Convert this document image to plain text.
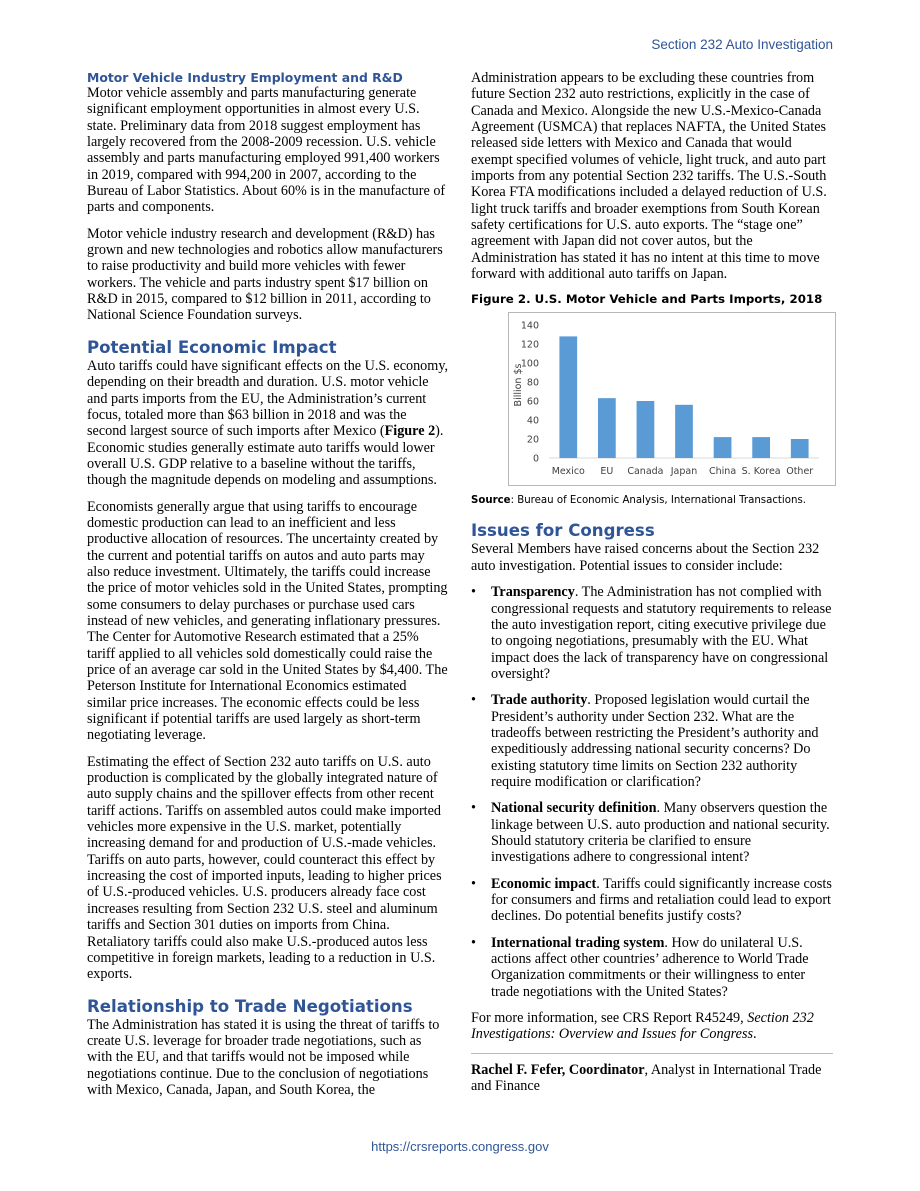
Section 232 Auto Investigation
Motor Vehicle Industry Employment and R&D

Motor vehicle assembly and parts manufacturing generate significant employment opportunities in almost every U.S. state. Preliminary data from 2018 suggest employment has largely recovered from the 2008-2009 recession. U.S. vehicle assembly and parts manufacturing employed 991,400 workers in 2019, compared with 994,200 in 2007, according to the Bureau of Labor Statistics. About 60% is in the manufacture of parts and components.

Motor vehicle industry research and development (R&D) has grown and new technologies and robotics allow manufacturers to raise productivity and build more vehicles with fewer workers. The vehicle and parts industry spent $17 billion on R&D in 2015, compared to $12 billion in 2011, according to National Science Foundation surveys.

Potential Economic Impact

Auto tariffs could have significant effects on the U.S. economy, depending on their breadth and duration. U.S. motor vehicle and parts imports from the EU, the Administration’s current focus, totaled more than $63 billion in 2018 and was the second largest source of such imports after Mexico (Figure 2). Economic studies generally estimate auto tariffs would lower overall U.S. GDP relative to a baseline without the tariffs, though the magnitude depends on modeling and assumptions.

Economists generally argue that using tariffs to encourage domestic production can lead to an inefficient and less productive allocation of resources. The uncertainty created by the current and potential tariffs on autos and auto parts may also reduce investment. Ultimately, the tariffs could increase the price of motor vehicles sold in the United States, prompting some consumers to delay purchases or purchase used cars instead of new vehicles, and generating inflationary pressures. The Center for Automotive Research estimated that a 25% tariff applied to all vehicles sold domestically could raise the price of an average car sold in the United States by $4,400. The Peterson Institute for International Economics estimated similar price increases. The economic effects could be less significant if potential tariffs are used largely as short-term negotiating leverage.

Estimating the effect of Section 232 auto tariffs on U.S. auto production is complicated by the globally integrated nature of auto supply chains and the spillover effects from other recent tariff actions. Tariffs on assembled autos could make imported vehicles more expensive in the U.S. market, potentially increasing demand for and production of U.S.-made vehicles. Tariffs on auto parts, however, could counteract this effect by increasing the cost of imported inputs, leading to higher prices of U.S.-produced vehicles. U.S. producers already face cost increases resulting from Section 232 U.S. steel and aluminum tariffs and Section 301 duties on imports from China. Retaliatory tariffs could also make U.S.-produced autos less competitive in foreign markets, leading to a reduction in U.S. exports.

Relationship to Trade Negotiations

The Administration has stated it is using the threat of tariffs to create U.S. leverage for broader trade negotiations, such as with the EU, and that tariffs would not be imposed while negotiations continue. Due to the conclusion of negotiations with Mexico, Canada, Japan, and South Korea, the

Administration appears to be excluding these countries from future Section 232 auto restrictions, explicitly in the case of Canada and Mexico. Alongside the new U.S.-Mexico-Canada Agreement (USMCA) that replaces NAFTA, the United States released side letters with Mexico and Canada that would exempt specified volumes of vehicle, light truck, and auto part imports from any potential Section 232 tariffs. The U.S.-South Korea FTA modifications included a delayed reduction of U.S. light truck tariffs and broader exemptions from South Korean safety certifications for U.S. auto exports. The “stage one” agreement with Japan did not cover autos, but the Administration has stated it has no intent at this time to move forward with additional auto tariffs on Japan.

Figure 2. U.S. Motor Vehicle and Parts Imports, 2018
0
20
40
60
80
100
120
140
Billion $s
Mexico EU Canada Japan China S. Korea Other
Source: Bureau of Economic Analysis, International Transactions.
Issues for Congress

Several Members have raised concerns about the Section 232 auto investigation. Potential issues to consider include:

• Transparency. The Administration has not complied with congressional requests and statutory requirements to release the auto investigation report, citing executive privilege due to ongoing negotiations, presumably with the EU. What impact does the lack of transparency have on congressional oversight?
• Trade authority. Proposed legislation would curtail the President’s authority under Section 232. What are the tradeoffs between restricting the President’s authority and expeditiously addressing national security concerns? Do existing statutory time limits on Section 232 authority require modification or clarification?
• National security definition. Many observers question the linkage between U.S. auto production and national security. Should statutory criteria be clarified to ensure investigations adhere to congressional intent?
• Economic impact. Tariffs could significantly increase costs for consumers and firms and retaliation could lead to export declines. Do potential benefits justify costs?
• International trading system. How do unilateral U.S. actions affect other countries’ adherence to World Trade Organization commitments or their willingness to enter trade negotiations with the United States?

For more information, see CRS Report R45249, Section 232 Investigations: Overview and Issues for Congress.

Rachel F. Fefer, Coordinator, Analyst in International Trade and Finance

https://crsreports.congress.gov
